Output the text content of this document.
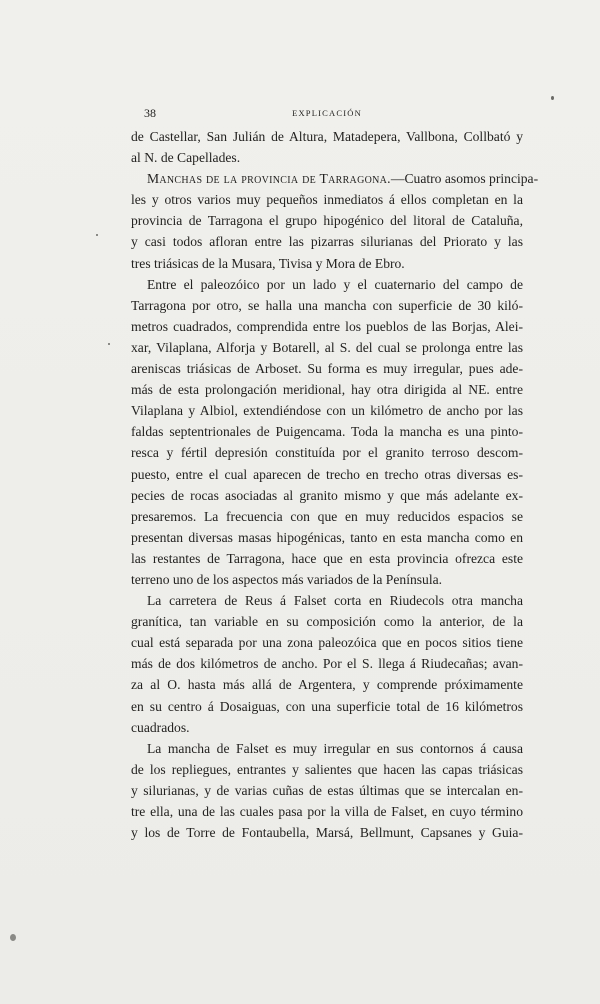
38	EXPLICACIÓN
de Castellar, San Julián de Altura, Matadepera, Vallbona, Collbató y
al N. de Capellades.
Manchas de la provincia de Tarragona.—Cuatro asomos principa-
les y otros varios muy pequeños inmediatos á ellos completan en la
provincia de Tarragona el grupo hipogénico del litoral de Cataluña,
y casi todos afloran entre las pizarras silurianas del Priorato y las
tres triásicas de la Musara, Tivisa y Mora de Ebro.
Entre el paleozóico por un lado y el cuaternario del campo de
Tarragona por otro, se halla una mancha con superficie de 30 kiló-
metros cuadrados, comprendida entre los pueblos de las Borjas, Alei-
xar, Vilaplana, Alforja y Botarell, al S. del cual se prolonga entre las
areniscas triásicas de Arboset. Su forma es muy irregular, pues ade-
más de esta prolongación meridional, hay otra dirigida al NE. entre
Vilaplana y Albiol, extendiéndose con un kilómetro de ancho por las
faldas septentrionales de Puigencama. Toda la mancha es una pinto-
resca y fértil depresión constituída por el granito terroso descom-
puesto, entre el cual aparecen de trecho en trecho otras diversas es-
pecies de rocas asociadas al granito mismo y que más adelante ex-
presaremos. La frecuencia con que en muy reducidos espacios se
presentan diversas masas hipogénicas, tanto en esta mancha como en
las restantes de Tarragona, hace que en esta provincia ofrezca este
terreno uno de los aspectos más variados de la Península.
La carretera de Reus á Falset corta en Riudecols otra mancha
granítica, tan variable en su composición como la anterior, de la
cual está separada por una zona paleozóica que en pocos sitios tiene
más de dos kilómetros de ancho. Por el S. llega á Riudecañas; avan-
za al O. hasta más allá de Argentera, y comprende próximamente
en su centro á Dosaiguas, con una superficie total de 16 kilómetros
cuadrados.
La mancha de Falset es muy irregular en sus contornos á causa
de los repliegues, entrantes y salientes que hacen las capas triásicas
y silurianas, y de varias cuñas de estas últimas que se intercalan en-
tre ella, una de las cuales pasa por la villa de Falset, en cuyo término
y los de Torre de Fontaubella, Marsá, Bellmunt, Capsanes y Guia-
